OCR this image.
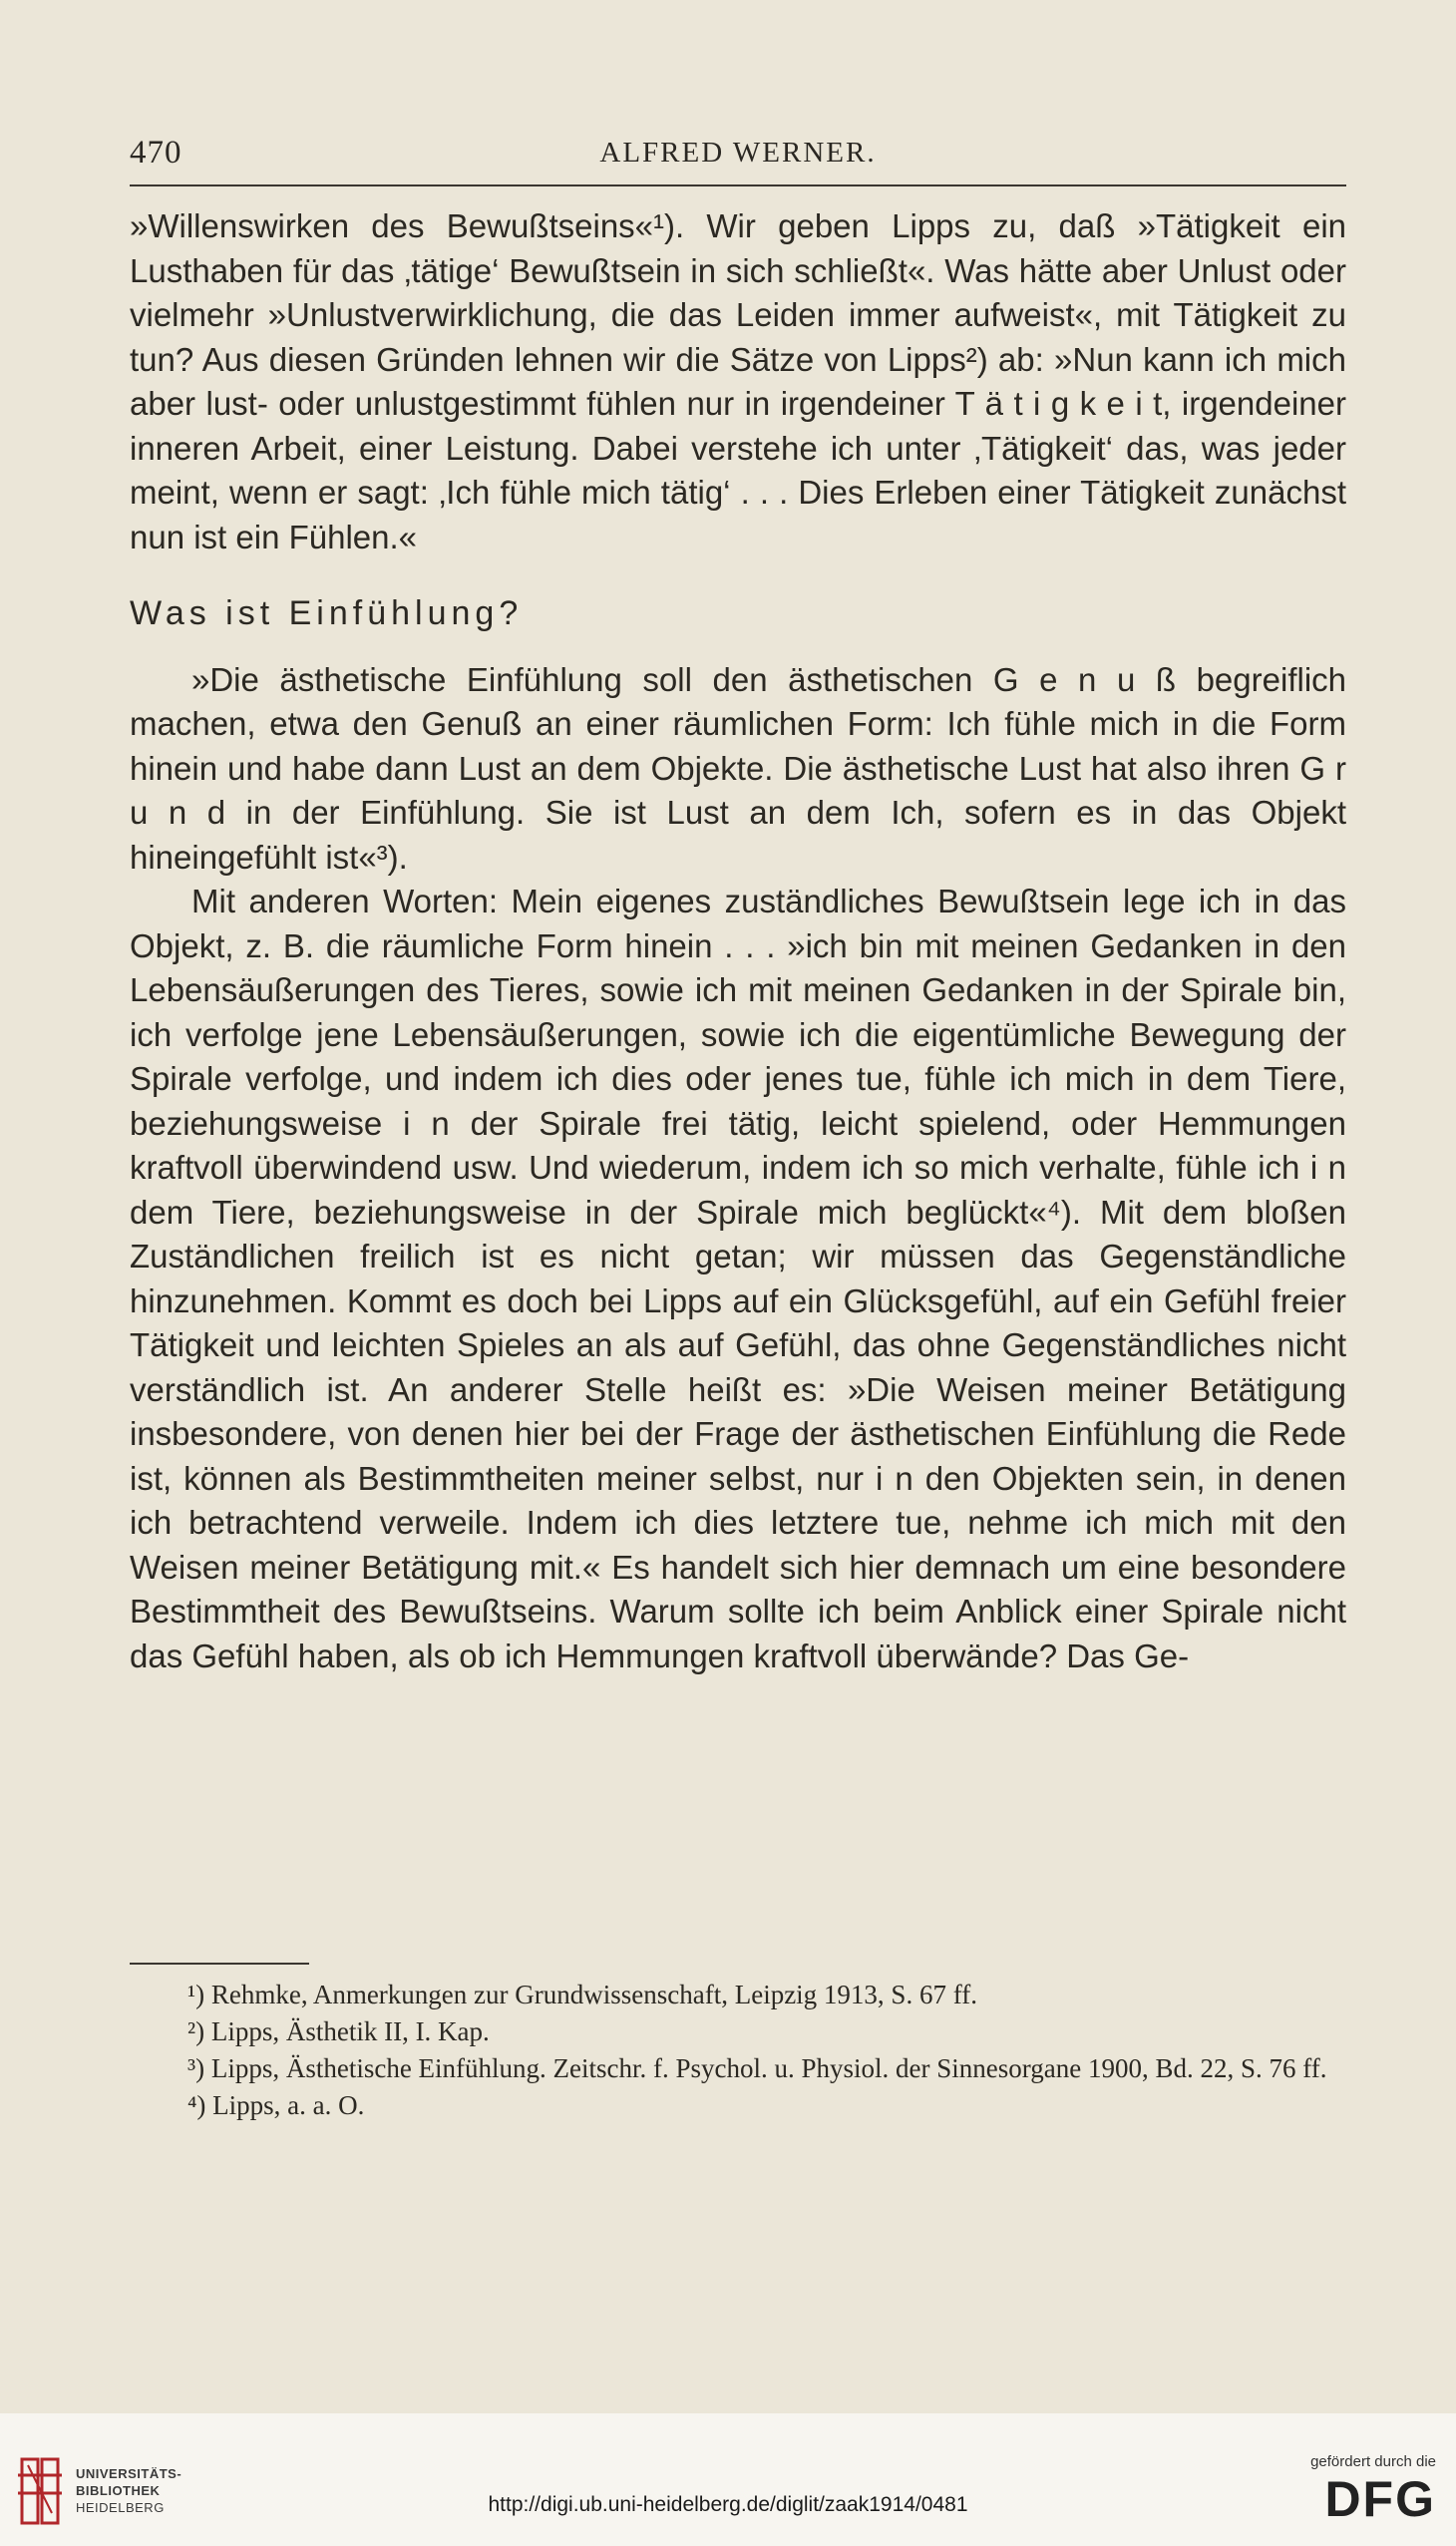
470	ALFRED WERNER.

»Willenswirken des Bewußtseins«¹). Wir geben Lipps zu, daß »Tätigkeit ein Lusthaben für das ‚tätige‘ Bewußtsein in sich schließt«. Was hätte aber Unlust oder vielmehr »Unlustverwirklichung, die das Leiden immer aufweist«, mit Tätigkeit zu tun? Aus diesen Gründen lehnen wir die Sätze von Lipps²) ab: »Nun kann ich mich aber lust- oder unlustgestimmt fühlen nur in irgendeiner T ä t i g k e i t, irgendeiner inneren Arbeit, einer Leistung. Dabei verstehe ich unter ‚Tätigkeit‘ das, was jeder meint, wenn er sagt: ‚Ich fühle mich tätig‘ . . . Dies Erleben einer Tätigkeit zunächst nun ist ein Fühlen.«

Was ist Einfühlung?

»Die ästhetische Einfühlung soll den ästhetischen G e n u ß begreiflich machen, etwa den Genuß an einer räumlichen Form: Ich fühle mich in die Form hinein und habe dann Lust an dem Objekte. Die ästhetische Lust hat also ihren G r u n d in der Einfühlung. Sie ist Lust an dem Ich, sofern es in das Objekt hineingefühlt ist«³).

Mit anderen Worten: Mein eigenes zuständliches Bewußtsein lege ich in das Objekt, z. B. die räumliche Form hinein . . . »ich bin mit meinen Gedanken in den Lebensäußerungen des Tieres, sowie ich mit meinen Gedanken in der Spirale bin, ich verfolge jene Lebensäußerungen, sowie ich die eigentümliche Bewegung der Spirale verfolge, und indem ich dies oder jenes tue, fühle ich mich in dem Tiere, beziehungsweise i n der Spirale frei tätig, leicht spielend, oder Hemmungen kraftvoll überwindend usw. Und wiederum, indem ich so mich verhalte, fühle ich i n dem Tiere, beziehungsweise in der Spirale mich beglückt«⁴). Mit dem bloßen Zuständlichen freilich ist es nicht getan; wir müssen das Gegenständliche hinzunehmen. Kommt es doch bei Lipps auf ein Glücksgefühl, auf ein Gefühl freier Tätigkeit und leichten Spieles an als auf Gefühl, das ohne Gegenständliches nicht verständlich ist. An anderer Stelle heißt es: »Die Weisen meiner Betätigung insbesondere, von denen hier bei der Frage der ästhetischen Einfühlung die Rede ist, können als Bestimmtheiten meiner selbst, nur i n den Objekten sein, in denen ich betrachtend verweile. Indem ich dies letztere tue, nehme ich mich mit den Weisen meiner Betätigung mit.« Es handelt sich hier demnach um eine besondere Bestimmtheit des Bewußtseins. Warum sollte ich beim Anblick einer Spirale nicht das Gefühl haben, als ob ich Hemmungen kraftvoll überwände? Das Ge-

¹) Rehmke, Anmerkungen zur Grundwissenschaft, Leipzig 1913, S. 67 ff.

²) Lipps, Ästhetik II, I. Kap.

³) Lipps, Ästhetische Einfühlung. Zeitschr. f. Psychol. u. Physiol. der Sinnesorgane 1900, Bd. 22, S. 76 ff.

⁴) Lipps, a. a. O.

UNIVERSITÄTS-
BIBLIOTHEK
HEIDELBERG	http://digi.ub.uni-heidelberg.de/diglit/zaak1914/0481
gefördert durch die
DFG
